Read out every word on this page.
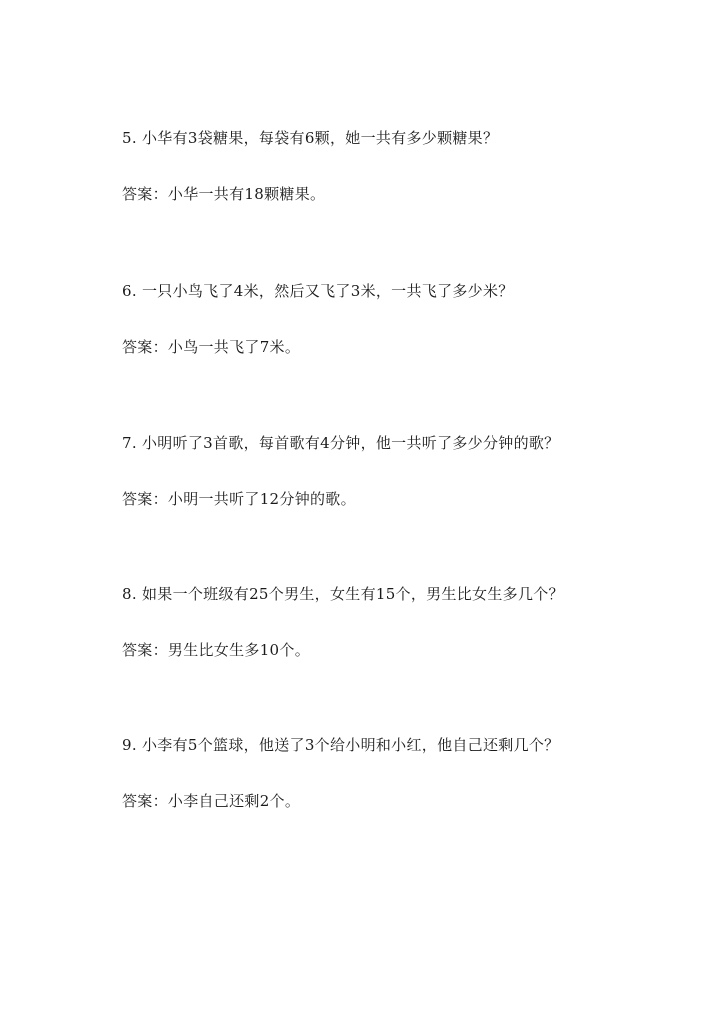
5. 小华有3袋糖果，每袋有6颗，她一共有多少颗糖果？

答案：小华一共有18颗糖果。

6. 一只小鸟飞了4米，然后又飞了3米，一共飞了多少米？

答案：小鸟一共飞了7米。

7. 小明听了3首歌，每首歌有4分钟，他一共听了多少分钟的歌？

答案：小明一共听了12分钟的歌。

8. 如果一个班级有25个男生，女生有15个，男生比女生多几个？

答案：男生比女生多10个。

9. 小李有5个篮球，他送了3个给小明和小红，他自己还剩几个？

答案：小李自己还剩2个。
